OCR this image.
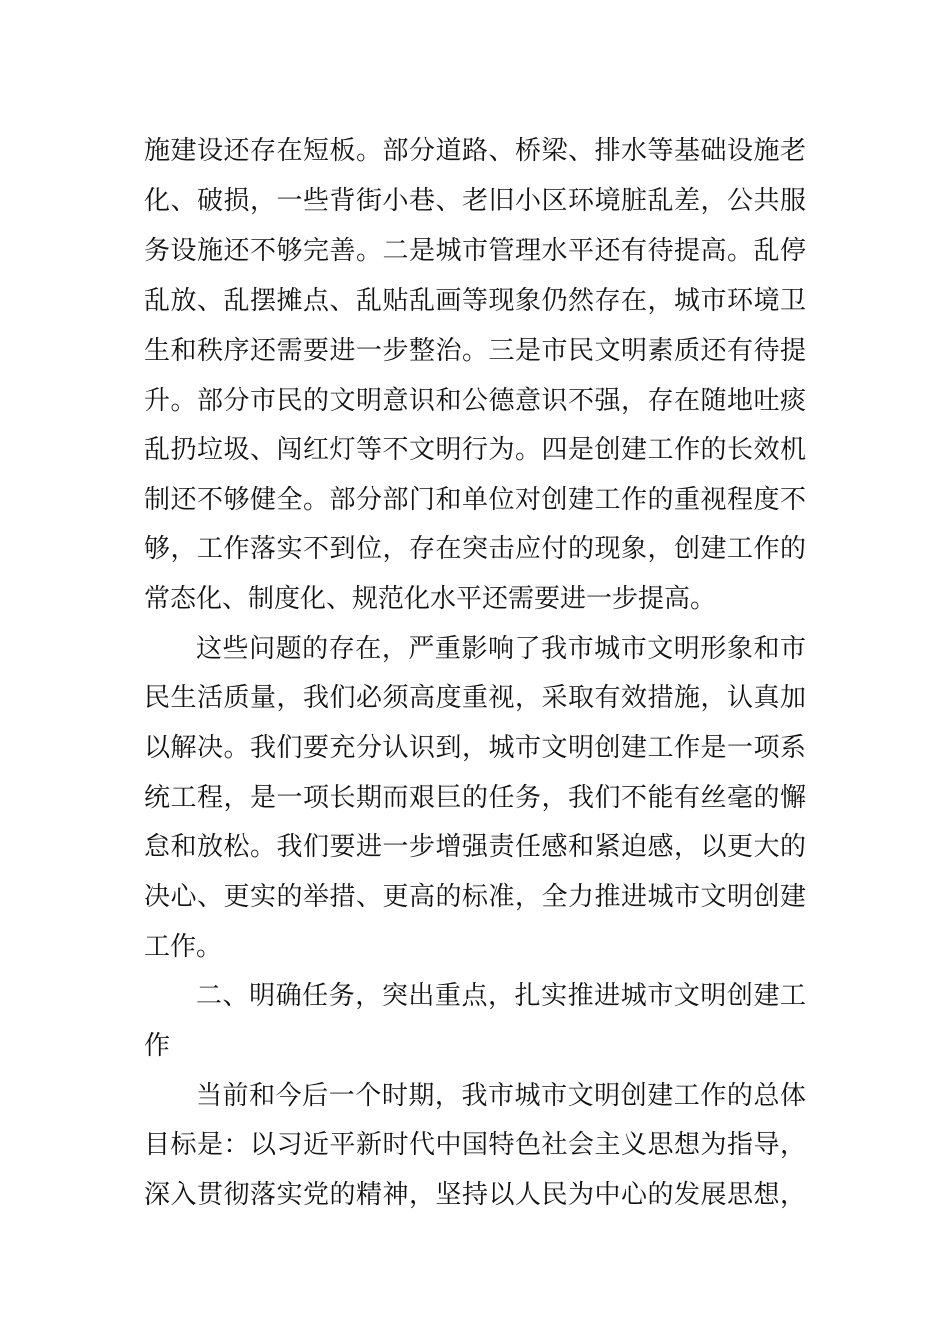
施建设还存在短板。部分道路、桥梁、排水等基础设施老
化、破损，一些背街小巷、老旧小区环境脏乱差，公共服
务设施还不够完善。二是城市管理水平还有待提高。乱停
乱放、乱摆摊点、乱贴乱画等现象仍然存在，城市环境卫
生和秩序还需要进一步整治。三是市民文明素质还有待提
升。部分市民的文明意识和公德意识不强，存在随地吐痰
乱扔垃圾、闯红灯等不文明行为。四是创建工作的长效机
制还不够健全。部分部门和单位对创建工作的重视程度不
够，工作落实不到位，存在突击应付的现象，创建工作的
常态化、制度化、规范化水平还需要进一步提高。
这些问题的存在，严重影响了我市城市文明形象和市
民生活质量，我们必须高度重视，采取有效措施，认真加
以解决。我们要充分认识到，城市文明创建工作是一项系
统工程，是一项长期而艰巨的任务，我们不能有丝毫的懈
怠和放松。我们要进一步增强责任感和紧迫感，以更大的
决心、更实的举措、更高的标准，全力推进城市文明创建
工作。
二、明确任务，突出重点，扎实推进城市文明创建工
作
当前和今后一个时期，我市城市文明创建工作的总体
目标是：以习近平新时代中国特色社会主义思想为指导，
深入贯彻落实党的精神，坚持以人民为中心的发展思想，
